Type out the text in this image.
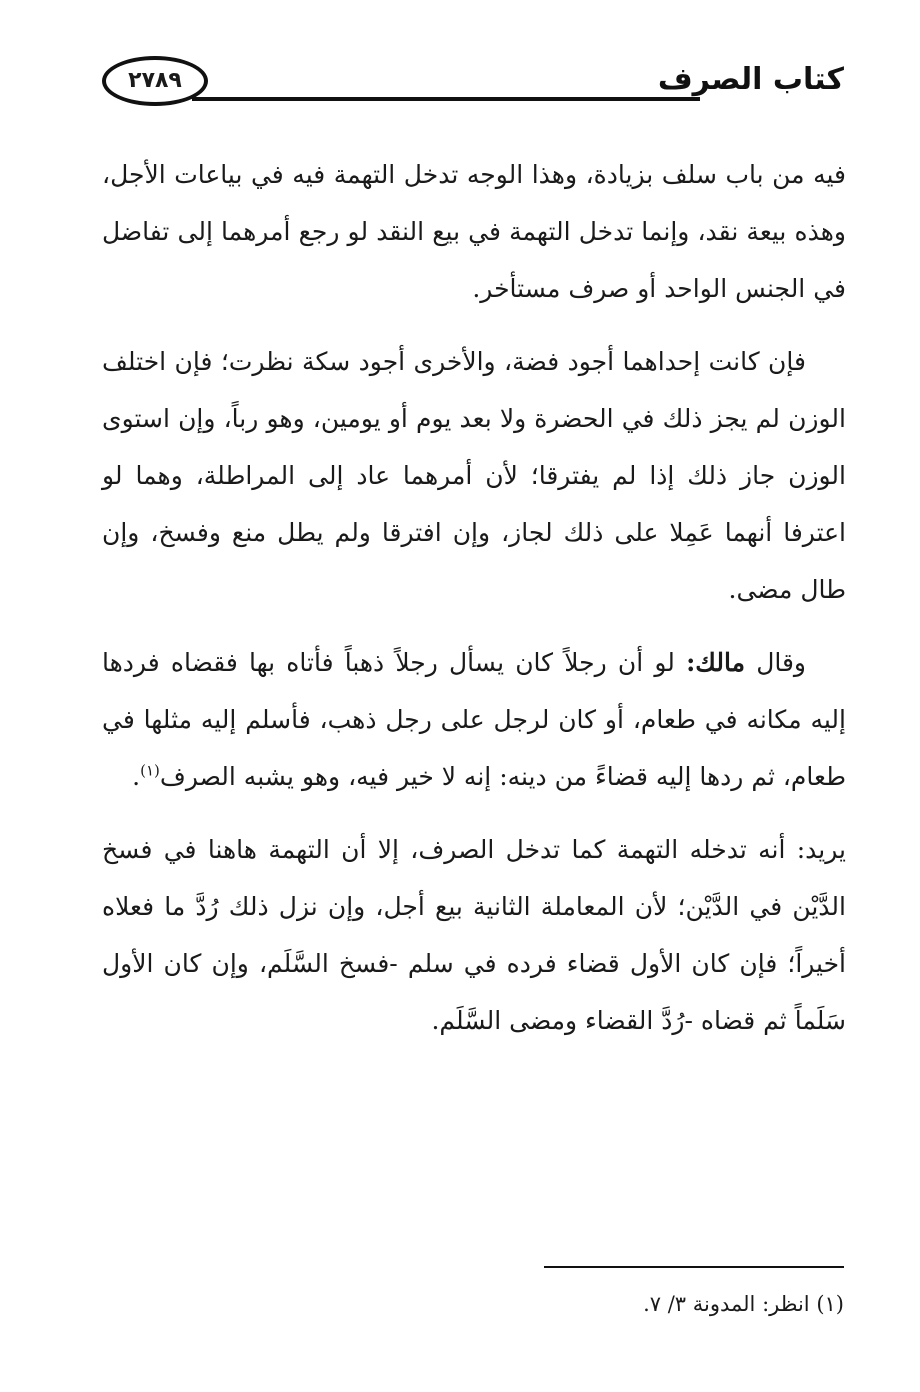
كتاب الصرف
٢٧٨٩

فيه من باب سلف بزيادة، وهذا الوجه تدخل التهمة فيه في بياعات الأجل، وهذه بيعة نقد، وإنما تدخل التهمة في بيع النقد لو رجع أمرهما إلى تفاضل في الجنس الواحد أو صرف مستأخر.

فإن كانت إحداهما أجود فضة، والأخرى أجود سكة نظرت؛ فإن اختلف الوزن لم يجز ذلك في الحضرة ولا بعد يوم أو يومين، وهو رباً، وإن استوى الوزن جاز ذلك إذا لم يفترقا؛ لأن أمرهما عاد إلى المراطلة، وهما لو اعترفا أنهما عَمِلا على ذلك لجاز، وإن افترقا ولم يطل منع وفسخ، وإن طال مضى.

وقال مالك: لو أن رجلاً كان يسأل رجلاً ذهباً فأتاه بها فقضاه فردها إليه مكانه في طعام، أو كان لرجل على رجل ذهب، فأسلم إليه مثلها في طعام، ثم ردها إليه قضاءً من دينه: إنه لا خير فيه، وهو يشبه الصرف$^{(١)}$.

يريد: أنه تدخله التهمة كما تدخل الصرف، إلا أن التهمة هاهنا في فسخ الدَّيْن في الدَّيْن؛ لأن المعاملة الثانية بيع أجل، وإن نزل ذلك رُدَّ ما فعلاه أخيراً؛ فإن كان الأول قضاء فرده في سلم -فسخ السَّلَم، وإن كان الأول سَلَماً ثم قضاه -رُدَّ القضاء ومضى السَّلَم.

(١) انظر: المدونة ٣/ ٧.
